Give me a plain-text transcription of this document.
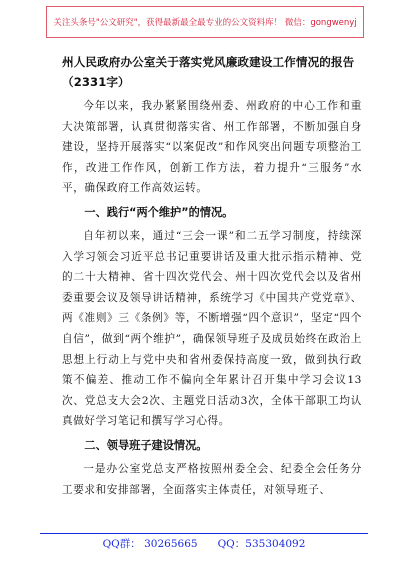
关注头条号"公文研究"，获得最新最全最专业的公文资料库！ 微信：gongwenyj
州人民政府办公室关于落实党风廉政建设工作情况的报告
（2331字）

今年以来，我办紧紧围绕州委、州政府的中心工作和重大决策部署，认真贯彻落实省、州工作部署，不断加强自身建设，坚持开展落实“以案促改”和作风突出问题专项整治工作，改进工作作风，创新工作方法，着力提升“三服务”水平，确保政府工作高效运转。

一、践行“两个维护”的情况。

自年初以来，通过“三会一课”和二五学习制度，持续深入学习领会习近平总书记重要讲话及重大批示指示精神、党的二十大精神、省十四次党代会、州十四次党代会以及省州委重要会议及领导讲话精神，系统学习《中国共产党党章》、两《准则》三《条例》等，不断增强“四个意识”，坚定“四个自信”，做到“两个维护”，确保领导班子及成员始终在政治上思想上行动上与党中央和省州委保持高度一致，做到执行政策不偏差、推动工作不偏向全年累计召开集中学习会议13次、党总支大会2次、主题党日活动3次，全体干部职工均认真做好学习笔记和撰写学习心得。

二、领导班子建设情况。

一是办公室党总支严格按照州委全会、纪委全会任务分工要求和安排部署，全面落实主体责任，对领导班子、

QQ群： 30265665 QQ：535304092
